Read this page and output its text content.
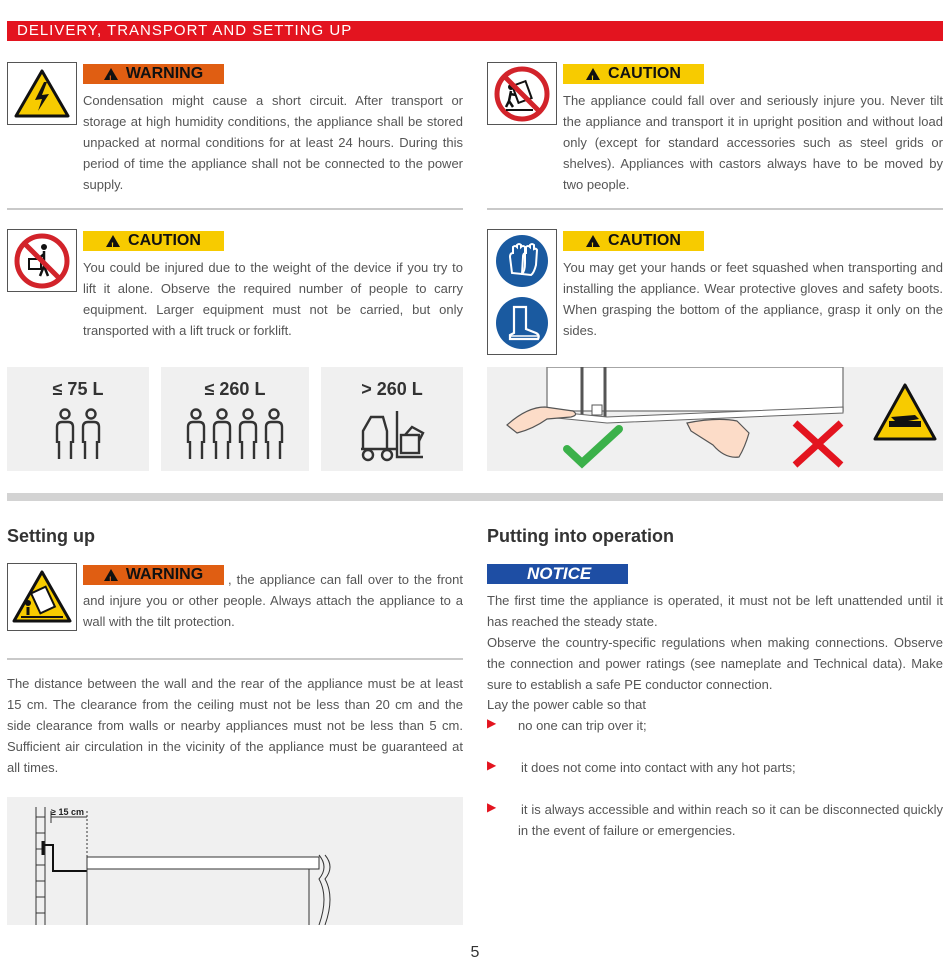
DELIVERY, TRANSPORT AND SETTING UP
!
WARNING
Condensation might cause a short circuit. After transport or storage at high humidity conditions, the appliance shall be stored unpacked at normal conditions for at least 24 hours. During this period of time the appliance shall not be connected to the power supply.
!
CAUTION
The appliance could fall over and seriously injure you. Never tilt the appliance and transport it in upright position and without load only (except for standard accessories such as steel grids or shelves). Appliances with castors always have to be moved by two people.
!
CAUTION
You could be injured due to the weight of the device if you try to lift it alone. Observe the required number of people to carry equipment. Larger equipment must not be carried, but only transported with a lift truck or forklift.
!
CAUTION
You may get your hands or feet squashed when transporting and installing the appliance. Wear protective gloves and safety boots. When grasping the bottom of the appliance, grasp it only on the sides.
≤ 75 L	≤ 260 L	> 260 L
Setting up
, the appliance can fall over to the front and injure you or other people. Always attach the appliance to a wall with the tilt protection.
!
WARNING
The distance between the wall and the rear of the appliance must be at least 15 cm. The clearance from the ceiling must not be less than 20 cm and the side clearance from walls or nearby appliances must not be less than 5 cm. Sufficient air circulation in the vicinity of the appliance must be guaranteed at all times.
≥ 15 cm
Putting into operation
NOTICE
The first time the appliance is operated, it must not be left unattended until it has reached the steady state.
Observe the country-specific regulations when making connections. Observe the connection and power ratings (see nameplate and Technical data). Make sure to establish a safe PE conductor connection.
Lay the power cable so that
▶ no one can trip over it;
▶ it does not come into contact with any hot parts;
▶ it is always accessible and within reach so it can be disconnected quickly in the event of failure or emergencies.
5
